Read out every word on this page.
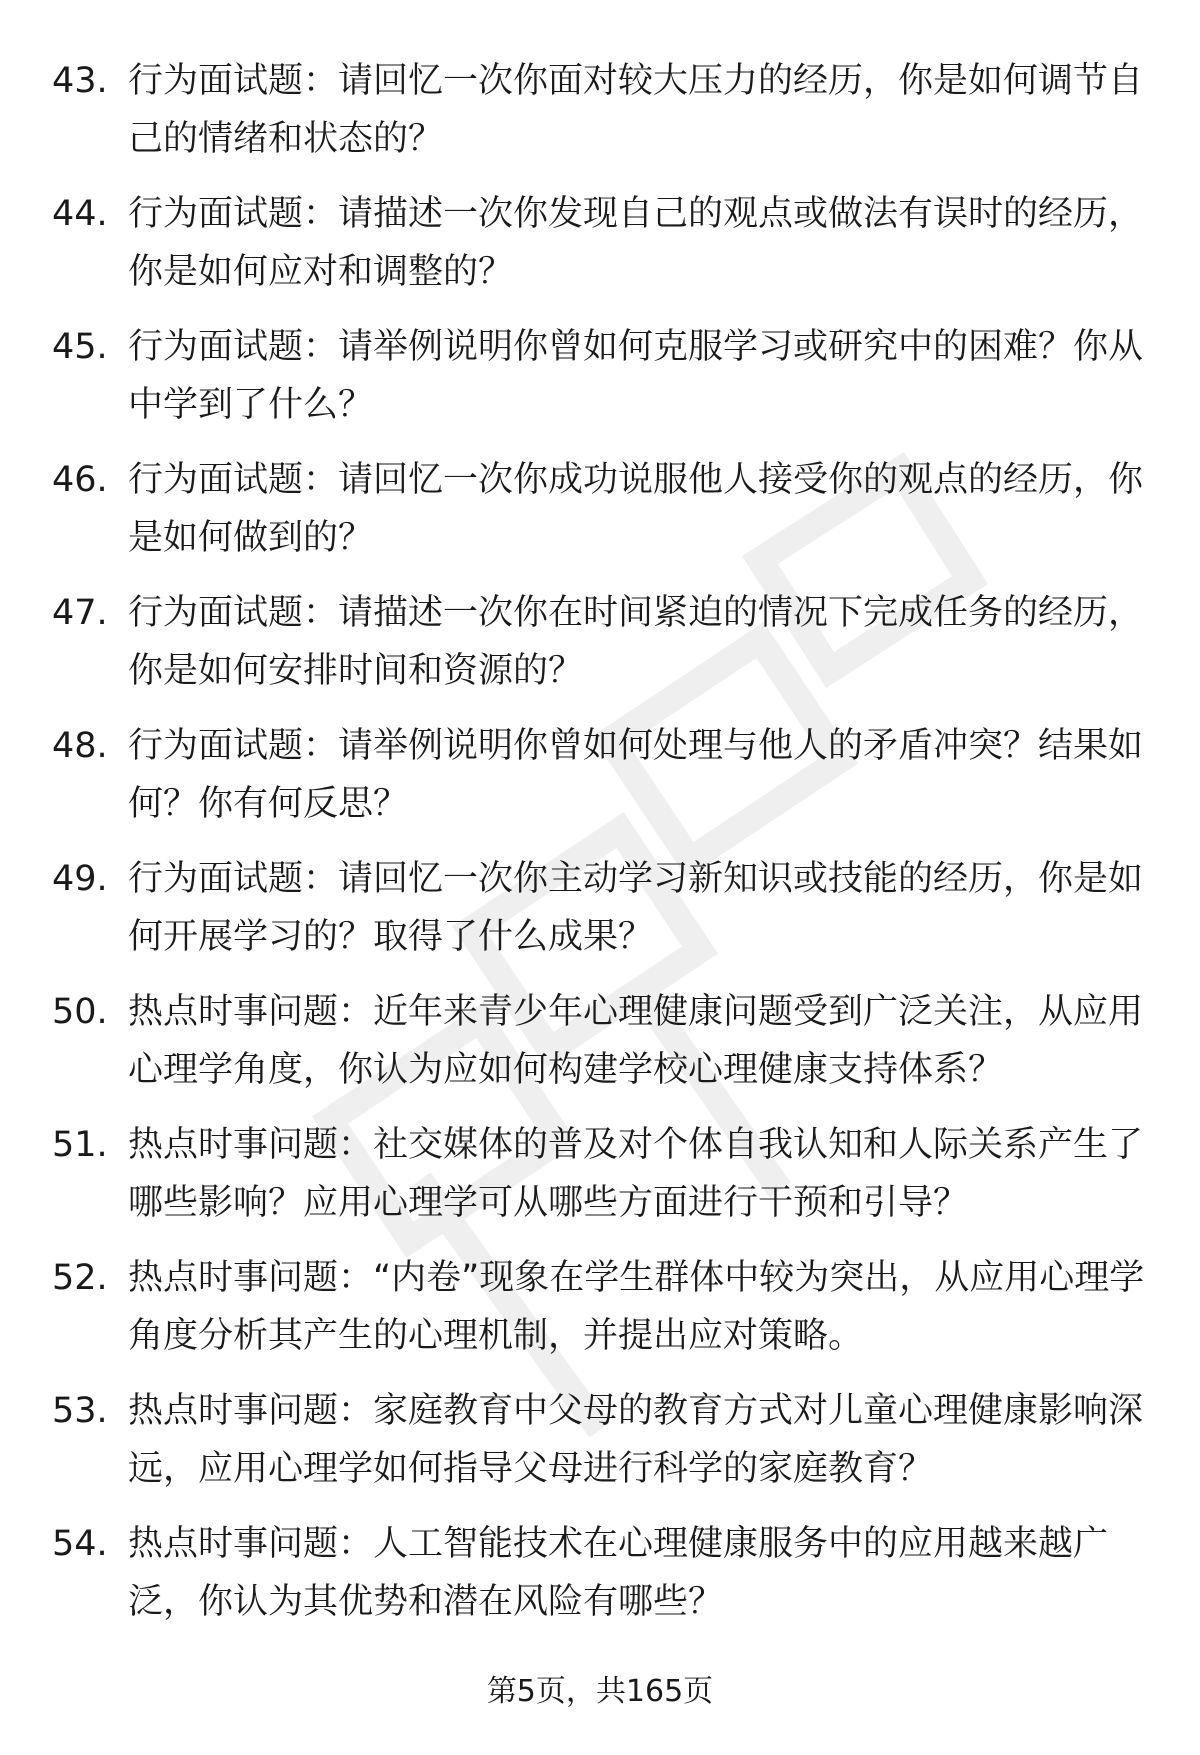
43. 行为面试题：请回忆一次你面对较大压力的经历，你是如何调节自己的情绪和状态的？
44. 行为面试题：请描述一次你发现自己的观点或做法有误时的经历，你是如何应对和调整的？
45. 行为面试题：请举例说明你曾如何克服学习或研究中的困难？你从中学到了什么？
46. 行为面试题：请回忆一次你成功说服他人接受你的观点的经历，你是如何做到的？
47. 行为面试题：请描述一次你在时间紧迫的情况下完成任务的经历，你是如何安排时间和资源的？
48. 行为面试题：请举例说明你曾如何处理与他人的矛盾冲突？结果如何？你有何反思？
49. 行为面试题：请回忆一次你主动学习新知识或技能的经历，你是如何开展学习的？取得了什么成果？
50. 热点时事问题：近年来青少年心理健康问题受到广泛关注，从应用心理学角度，你认为应如何构建学校心理健康支持体系？
51. 热点时事问题：社交媒体的普及对个体自我认知和人际关系产生了哪些影响？应用心理学可从哪些方面进行干预和引导？
52. 热点时事问题：“内卷”现象在学生群体中较为突出，从应用心理学角度分析其产生的心理机制，并提出应对策略。
53. 热点时事问题：家庭教育中父母的教育方式对儿童心理健康影响深远，应用心理学如何指导父母进行科学的家庭教育？
54. 热点时事问题：人工智能技术在心理健康服务中的应用越来越广泛，你认为其优势和潜在风险有哪些？
第5页，共165页
